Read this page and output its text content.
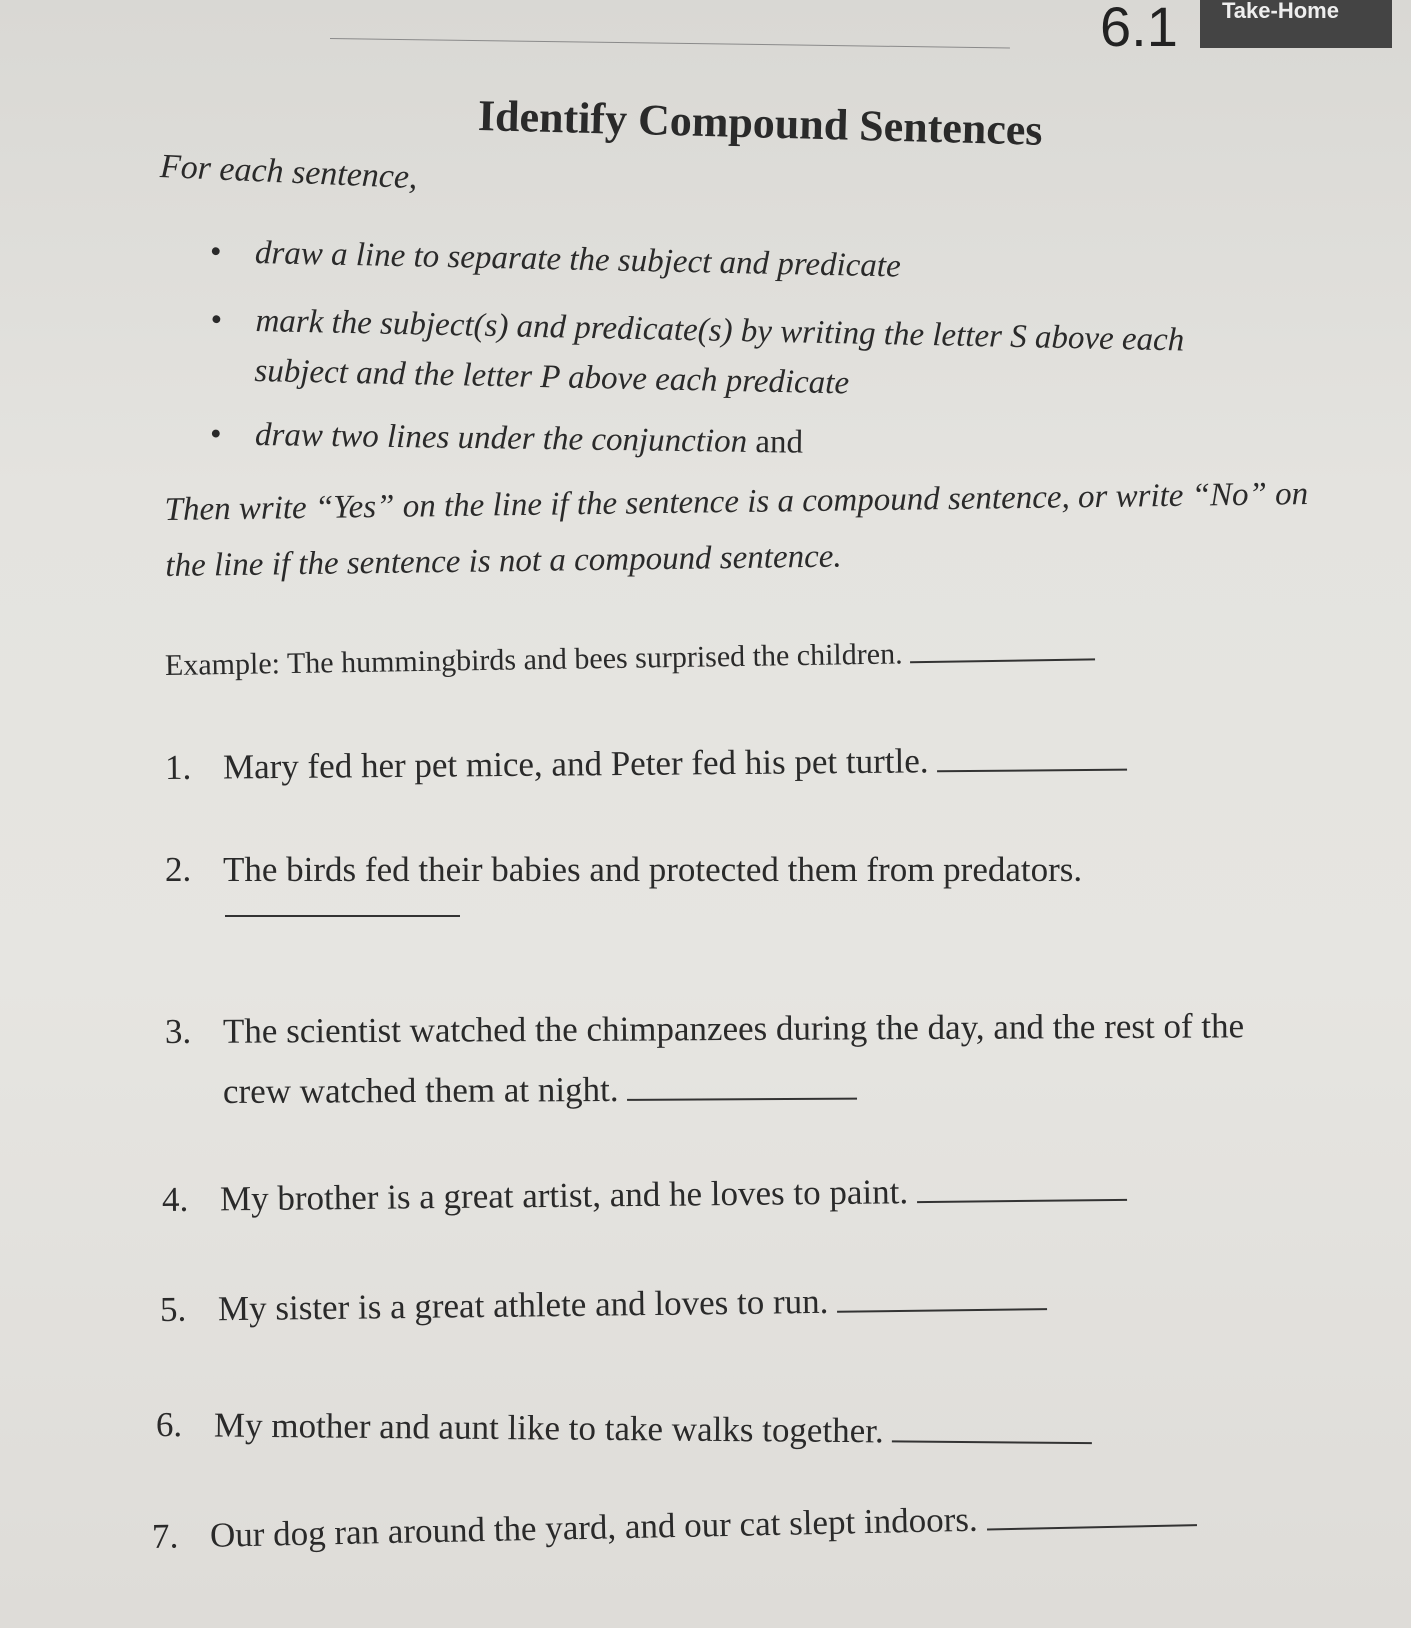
6.1	Take-Home
Identify Compound Sentences
For each sentence,
• draw a line to separate the subject and predicate
• mark the subject(s) and predicate(s) by writing the letter S above each subject and the letter P above each predicate
• draw two lines under the conjunction and
Then write “Yes” on the line if the sentence is a compound sentence, or write “No” on the line if the sentence is not a compound sentence.
Example: The hummingbirds and bees surprised the children.
1. Mary fed her pet mice, and Peter fed his pet turtle.
2. The birds fed their babies and protected them from predators.
3. The scientist watched the chimpanzees during the day, and the rest of the
crew watched them at night.
4. My brother is a great artist, and he loves to paint.
5. My sister is a great athlete and loves to run.
6. My mother and aunt like to take walks together.
7. Our dog ran around the yard, and our cat slept indoors.
